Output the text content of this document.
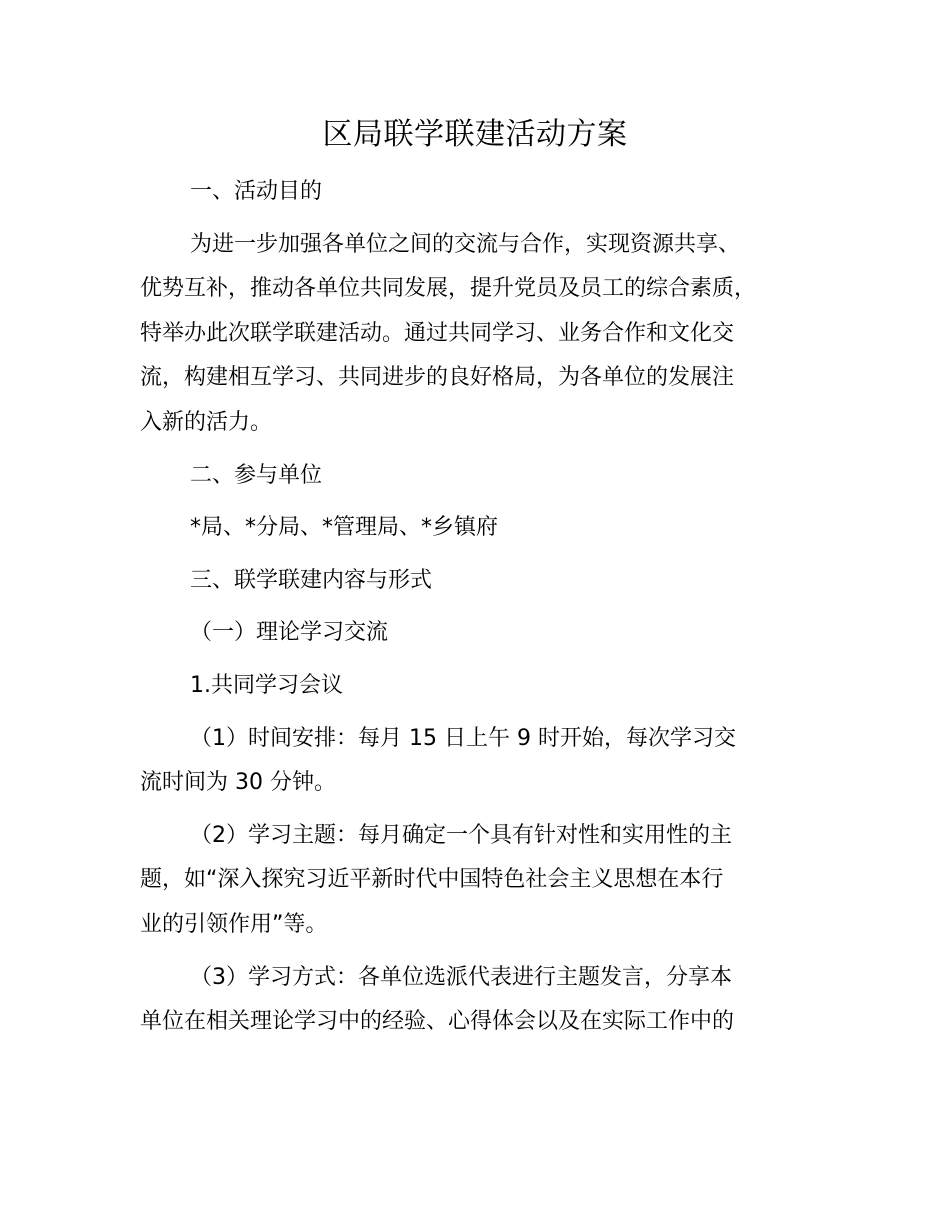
区局联学联建活动方案
一、活动目的
为进一步加强各单位之间的交流与合作，实现资源共享、
优势互补，推动各单位共同发展，提升党员及员工的综合素质，
特举办此次联学联建活动。通过共同学习、业务合作和文化交
流，构建相互学习、共同进步的良好格局，为各单位的发展注
入新的活力。
二、参与单位
*局、*分局、*管理局、*乡镇府
三、联学联建内容与形式
（一）理论学习交流
1.共同学习会议
（1）时间安排：每月 15 日上午 9 时开始，每次学习交
流时间为 30 分钟。
（2）学习主题：每月确定一个具有针对性和实用性的主
题，如“深入探究习近平新时代中国特色社会主义思想在本行
业的引领作用”等。
（3）学习方式：各单位选派代表进行主题发言，分享本
单位在相关理论学习中的经验、心得体会以及在实际工作中的
